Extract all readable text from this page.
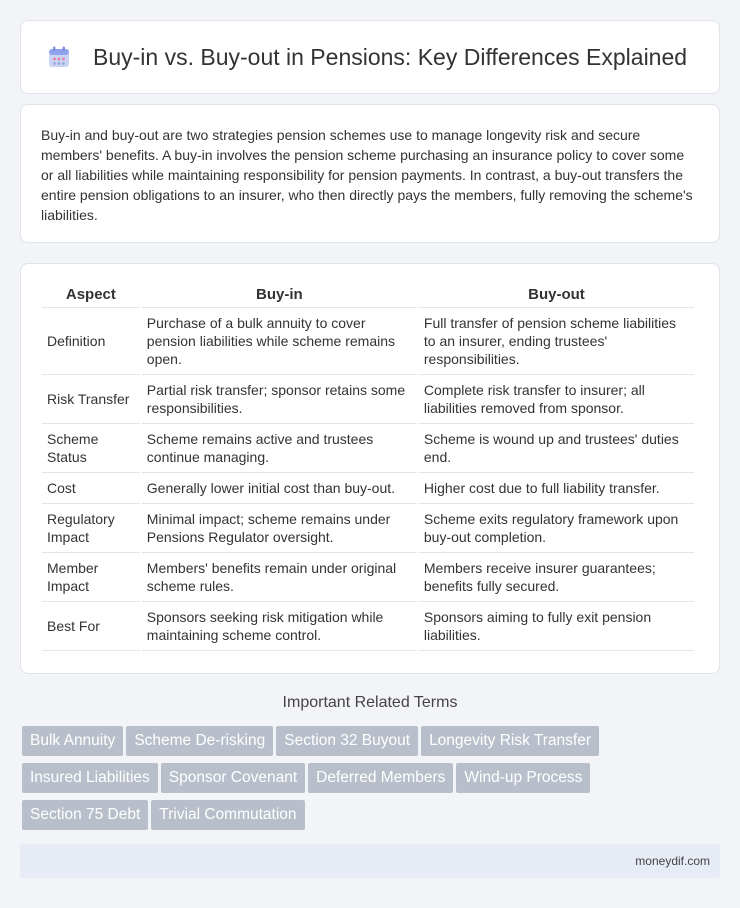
Buy-in vs. Buy-out in Pensions: Key Differences Explained

Buy-in and buy-out are two strategies pension schemes use to manage longevity risk and secure members' benefits. A buy-in involves the pension scheme purchasing an insurance policy to cover some or all liabilities while maintaining responsibility for pension payments. In contrast, a buy-out transfers the entire pension obligations to an insurer, who then directly pays the members, fully removing the scheme's liabilities.

Aspect	Buy-in	Buy-out
Definition	Purchase of a bulk annuity to cover pension liabilities while scheme remains open.	Full transfer of pension scheme liabilities to an insurer, ending trustees' responsibilities.
Risk Transfer	Partial risk transfer; sponsor retains some responsibilities.	Complete risk transfer to insurer; all liabilities removed from sponsor.
Scheme Status	Scheme remains active and trustees continue managing.	Scheme is wound up and trustees' duties end.
Cost	Generally lower initial cost than buy-out.	Higher cost due to full liability transfer.
Regulatory Impact	Minimal impact; scheme remains under Pensions Regulator oversight.	Scheme exits regulatory framework upon buy-out completion.
Member Impact	Members' benefits remain under original scheme rules.	Members receive insurer guarantees; benefits fully secured.
Best For	Sponsors seeking risk mitigation while maintaining scheme control.	Sponsors aiming to fully exit pension liabilities.
Important Related Terms
Bulk Annuity Scheme De-risking Section 32 Buyout Longevity Risk Transfer
Insured Liabilities Sponsor Covenant Deferred Members Wind-up Process
Section 75 Debt Trivial Commutation
moneydif.com
